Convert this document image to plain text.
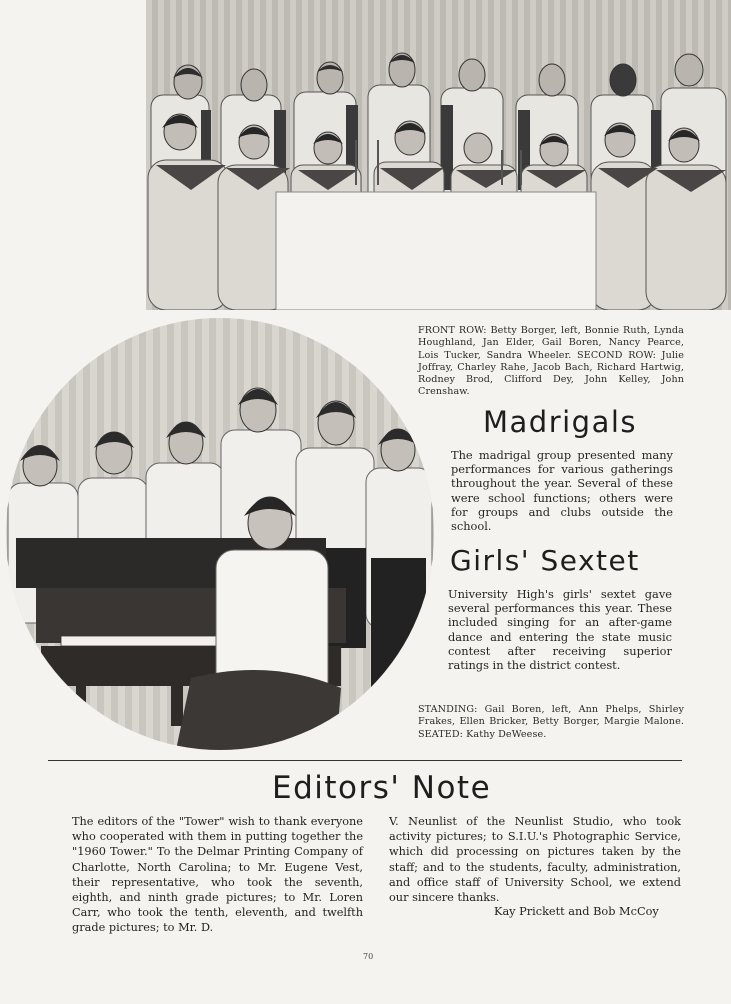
FRONT ROW: Betty Borger, left, Bonnie Ruth, Lynda Houghland, Jan Elder, Gail Boren, Nancy Pearce, Lois Tucker, Sandra Wheeler. SECOND ROW: Julie Joffray, Charley Rahe, Jacob Bach, Richard Hartwig, Rodney Brod, Clifford Dey, John Kelley, John Crenshaw.
Madrigals
The madrigal group presented many performances for various gatherings throughout the year. Several of these were school functions; others were for groups and clubs outside the school.
Girls' Sextet
University High's girls' sextet gave several performances this year. These included singing for an after-game dance and entering the state music contest after receiving superior ratings in the district contest.
STANDING: Gail Boren, left, Ann Phelps, Shirley Frakes, Ellen Bricker, Betty Borger, Margie Malone. SEATED: Kathy DeWeese.
Editors' Note
The editors of the "Tower" wish to thank everyone who cooperated with them in putting together the "1960 Tower." To the Delmar Printing Company of Charlotte, North Carolina; to Mr. Eugene Vest, their representative, who took the seventh, eighth, and ninth grade pictures; to Mr. Loren Carr, who took the tenth, eleventh, and twelfth grade pictures; to Mr. D.
V. Neunlist of the Neunlist Studio, who took activity pictures; to S.I.U.'s Photographic Service, which did processing on pictures taken by the staff; and to the students, faculty, administration, and office staff of University School, we extend our sincere thanks.
Kay Prickett and Bob McCoy
70
